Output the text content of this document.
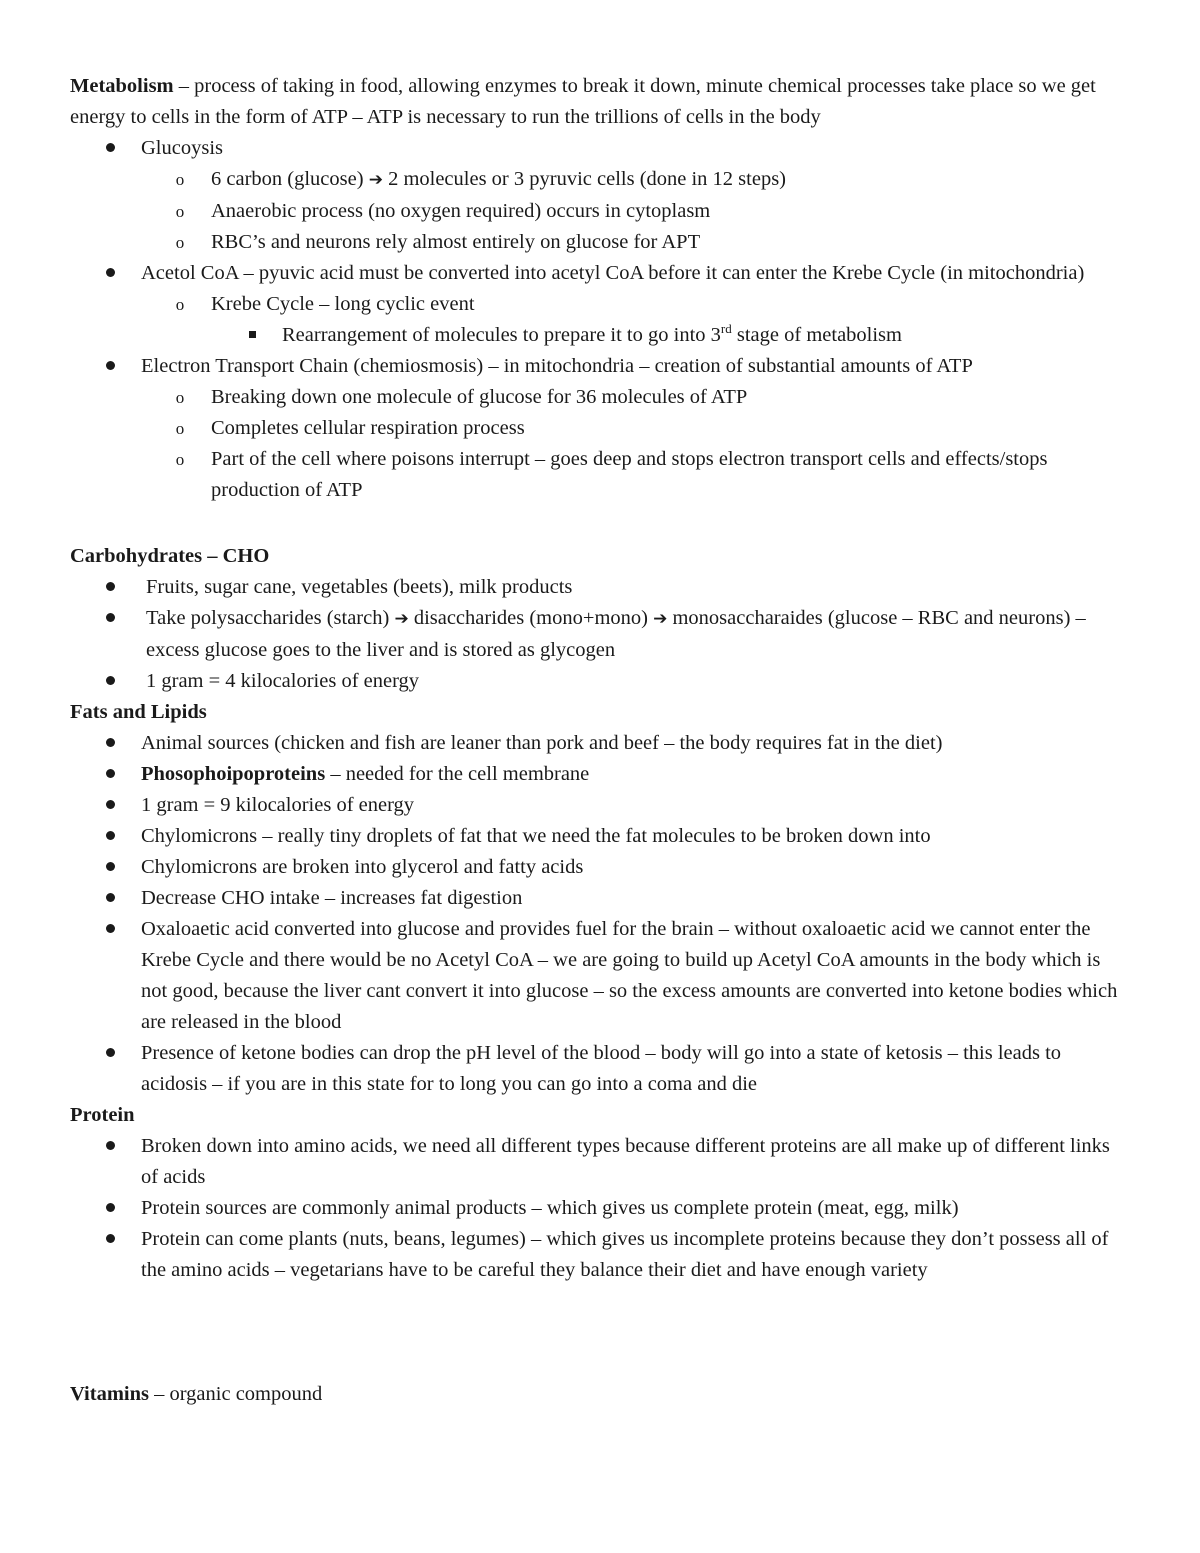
Metabolism – process of taking in food, allowing enzymes to break it down, minute chemical processes take place so we get energy to cells in the form of ATP – ATP is necessary to run the trillions of cells in the body

Glucoysis
o 6 carbon (glucose) ➔ 2 molecules or 3 pyruvic cells (done in 12 steps)
o Anaerobic process (no oxygen required) occurs in cytoplasm
o RBC’s and neurons rely almost entirely on glucose for APT
Acetol CoA – pyuvic acid must be converted into acetyl CoA before it can enter the Krebe Cycle (in mitochondria)
o Krebe Cycle – long cyclic event
Rearrangement of molecules to prepare it to go into 3rd stage of metabolism
Electron Transport Chain (chemiosmosis) – in mitochondria – creation of substantial amounts of ATP
o Breaking down one molecule of glucose for 36 molecules of ATP
o Completes cellular respiration process
o Part of the cell where poisons interrupt – goes deep and stops electron transport cells and effects/stops production of ATP

Carbohydrates – CHO

Fruits, sugar cane, vegetables (beets), milk products
Take polysaccharides (starch) ➔ disaccharides (mono+mono) ➔ monosaccharaides (glucose – RBC and neurons) – excess glucose goes to the liver and is stored as glycogen
1 gram = 4 kilocalories of energy

Fats and Lipids

Animal sources (chicken and fish are leaner than pork and beef – the body requires fat in the diet)
Phosophoipoproteins – needed for the cell membrane
1 gram = 9 kilocalories of energy
Chylomicrons – really tiny droplets of fat that we need the fat molecules to be broken down into
Chylomicrons are broken into glycerol and fatty acids
Decrease CHO intake – increases fat digestion
Oxaloaetic acid converted into glucose and provides fuel for the brain – without oxaloaetic acid we cannot enter the Krebe Cycle and there would be no Acetyl CoA – we are going to build up Acetyl CoA amounts in the body which is not good, because the liver cant convert it into glucose – so the excess amounts are converted into ketone bodies which are released in the blood
Presence of ketone bodies can drop the pH level of the blood – body will go into a state of ketosis – this leads to acidosis – if you are in this state for to long you can go into a coma and die

Protein

Broken down into amino acids, we need all different types because different proteins are all make up of different links of acids
Protein sources are commonly animal products – which gives us complete protein (meat, egg, milk)
Protein can come plants (nuts, beans, legumes) – which gives us incomplete proteins because they don’t possess all of the amino acids – vegetarians have to be careful they balance their diet and have enough variety

Vitamins – organic compound
